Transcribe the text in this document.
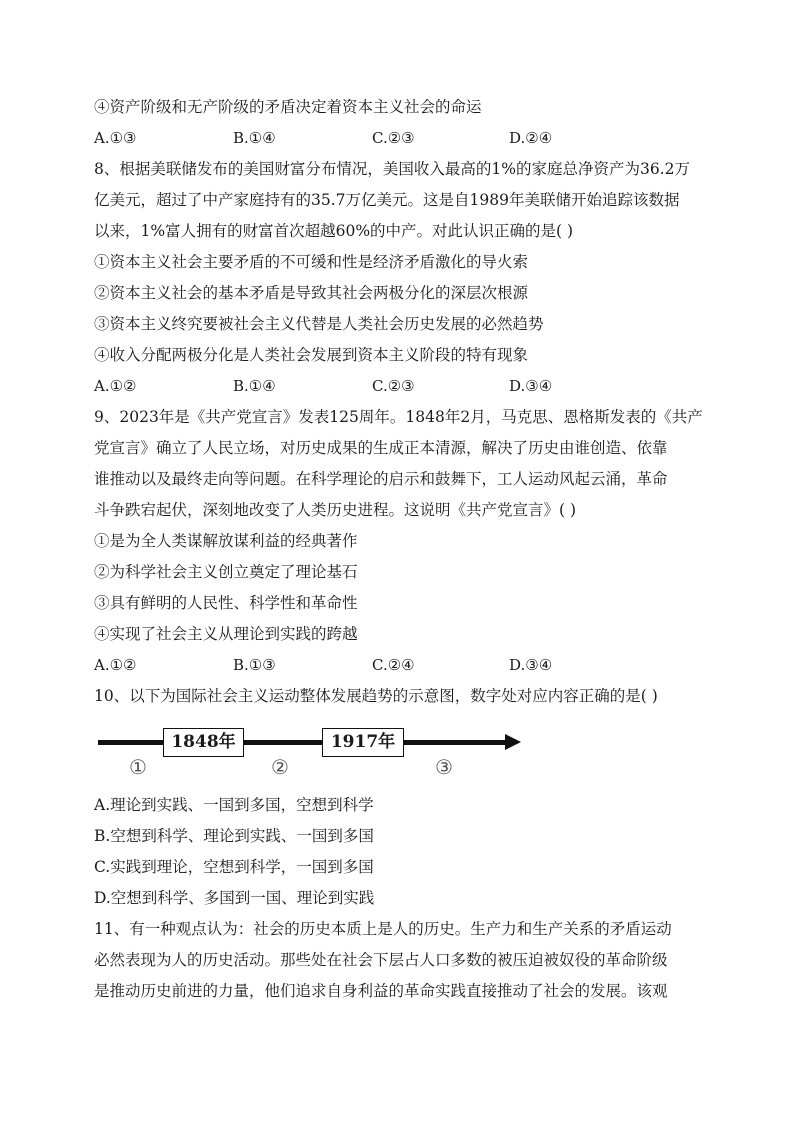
④资产阶级和无产阶级的矛盾决定着资本主义社会的命运
A.①③	B.①④	C.②③	D.②④
8、根据美联储发布的美国财富分布情况，美国收入最高的1%的家庭总净资产为36.2万
亿美元，超过了中产家庭持有的35.7万亿美元。这是自1989年美联储开始追踪该数据
以来，1%富人拥有的财富首次超越60%的中产。对此认识正确的是( )
①资本主义社会主要矛盾的不可缓和性是经济矛盾激化的导火索
②资本主义社会的基本矛盾是导致其社会两极分化的深层次根源
③资本主义终究要被社会主义代替是人类社会历史发展的必然趋势
④收入分配两极分化是人类社会发展到资本主义阶段的特有现象
A.①②	B.①④	C.②③	D.③④
9、2023年是《共产党宣言》发表125周年。1848年2月，马克思、恩格斯发表的《共产
党宣言》确立了人民立场，对历史成果的生成正本清源，解决了历史由谁创造、依靠
谁推动以及最终走向等问题。在科学理论的启示和鼓舞下，工人运动风起云涌，革命
斗争跌宕起伏，深刻地改变了人类历史进程。这说明《共产党宣言》( )
①是为全人类谋解放谋利益的经典著作
②为科学社会主义创立奠定了理论基石
③具有鲜明的人民性、科学性和革命性
④实现了社会主义从理论到实践的跨越
A.①②	B.①③	C.②④	D.③④
10、以下为国际社会主义运动整体发展趋势的示意图，数字处对应内容正确的是( )
1848年	1917年
①	②	③
A.理论到实践、一国到多国，空想到科学
B.空想到科学、理论到实践、一国到多国
C.实践到理论，空想到科学，一国到多国
D.空想到科学、多国到一国、理论到实践
11、有一种观点认为：社会的历史本质上是人的历史。生产力和生产关系的矛盾运动
必然表现为人的历史活动。那些处在社会下层占人口多数的被压迫被奴役的革命阶级
是推动历史前进的力量，他们追求自身利益的革命实践直接推动了社会的发展。该观
